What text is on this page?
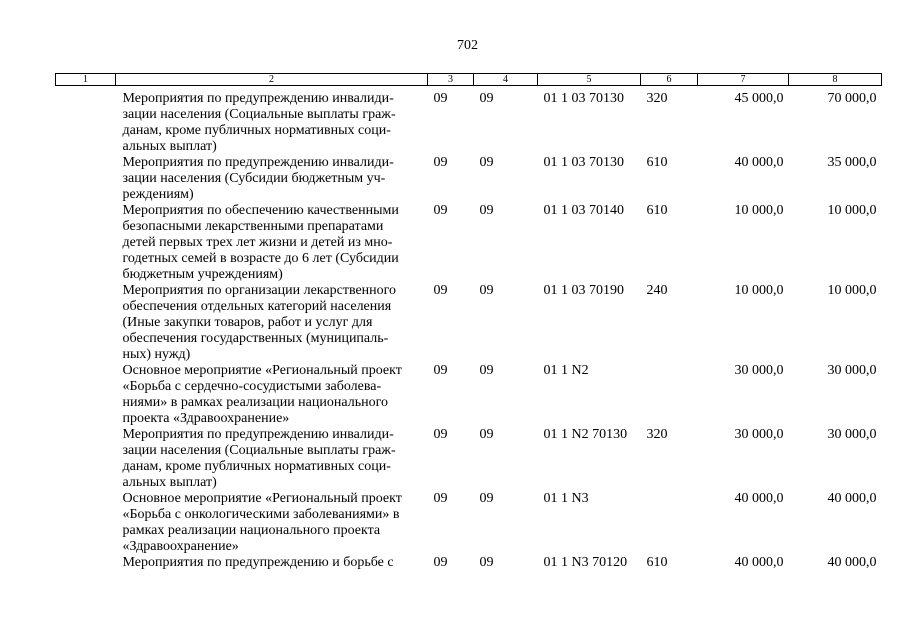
702
1	2	3	4	5	6	7	8
	Мероприятия по предупреждению инвалиди-
зации населения (Социальные выплаты граж-
данам, кроме публичных нормативных соци-
альных выплат)	09	09	01 1 03 70130	320	45 000,0	70 000,0
	Мероприятия по предупреждению инвалиди-
зации населения (Субсидии бюджетным уч-
реждениям)	09	09	01 1 03 70130	610	40 000,0	35 000,0
	Мероприятия по обеспечению качественными
безопасными лекарственными препаратами
детей первых трех лет жизни и детей из мно-
годетных семей в возрасте до 6 лет (Субсидии
бюджетным учреждениям)	09	09	01 1 03 70140	610	10 000,0	10 000,0
	Мероприятия по организации лекарственного
обеспечения отдельных категорий населения
(Иные закупки товаров, работ и услуг для
обеспечения государственных (муниципаль-
ных) нужд)	09	09	01 1 03 70190	240	10 000,0	10 000,0
	Основное мероприятие «Региональный проект
«Борьба с сердечно-сосудистыми заболева-
ниями» в рамках реализации национального
проекта «Здравоохранение»	09	09	01 1 N2		30 000,0	30 000,0
	Мероприятия по предупреждению инвалиди-
зации населения (Социальные выплаты граж-
данам, кроме публичных нормативных соци-
альных выплат)	09	09	01 1 N2 70130	320	30 000,0	30 000,0
	Основное мероприятие «Региональный проект
«Борьба с онкологическими заболеваниями» в
рамках реализации национального проекта
«Здравоохранение»	09	09	01 1 N3		40 000,0	40 000,0
	Мероприятия по предупреждению и борьбе с	09	09	01 1 N3 70120	610	40 000,0	40 000,0
